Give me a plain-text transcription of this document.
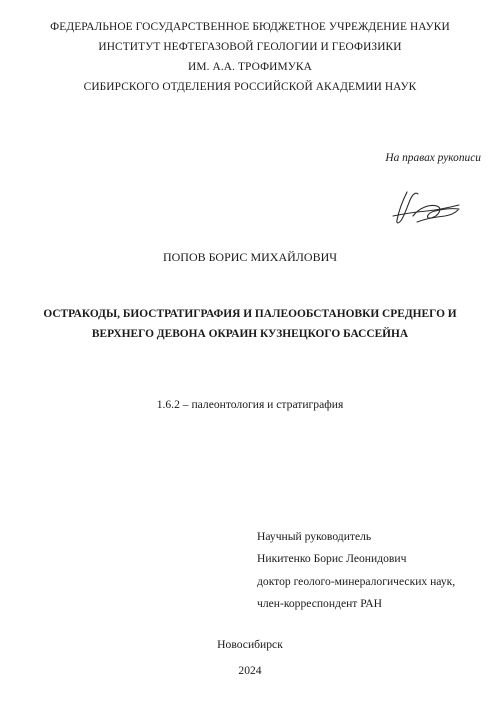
ФЕДЕРАЛЬНОЕ ГОСУДАРСТВЕННОЕ БЮДЖЕТНОЕ УЧРЕЖДЕНИЕ НАУКИ
ИНСТИТУТ НЕФТЕГАЗОВОЙ ГЕОЛОГИИ И ГЕОФИЗИКИ
ИМ. А.А. ТРОФИМУКА
СИБИРСКОГО ОТДЕЛЕНИЯ РОССИЙСКОЙ АКАДЕМИИ НАУК
На правах рукописи
ПОПОВ БОРИС МИХАЙЛОВИЧ
ОСТРАКОДЫ, БИОСТРАТИГРАФИЯ И ПАЛЕООБСТАНОВКИ СРЕДНЕГО И
ВЕРХНЕГО ДЕВОНА ОКРАИН КУЗНЕЦКОГО БАССЕЙНА
1.6.2 – палеонтология и стратиграфия
Научный руководитель
Никитенко Борис Леонидович
доктор геолого-минералогических наук,
член-корреспондент РАН
Новосибирск
2024
